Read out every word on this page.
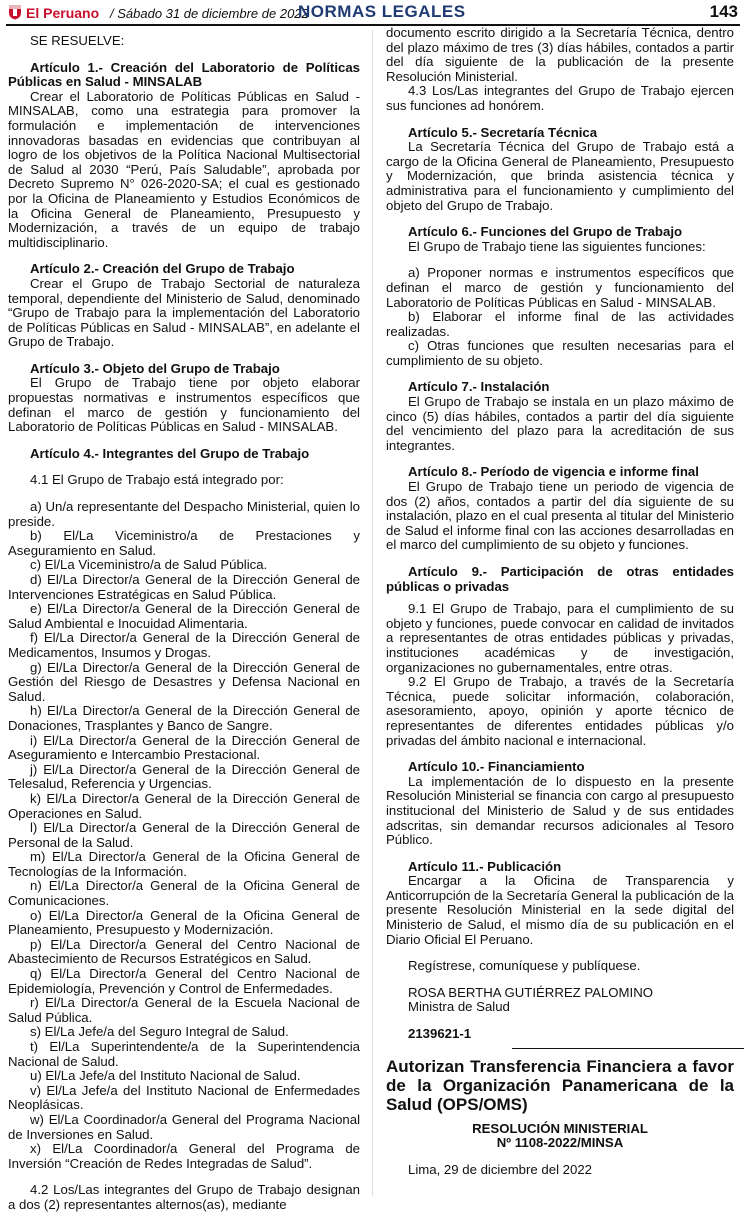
El Peruano / Sábado 31 de diciembre de 2022
NORMAS LEGALES	143

SE RESUELVE:

Artículo 1.- Creación del Laboratorio de Políticas Públicas en Salud - MINSALAB

Crear el Laboratorio de Políticas Públicas en Salud - MINSALAB, como una estrategia para promover la formulación e implementación de intervenciones innovadoras basadas en evidencias que contribuyan al logro de los objetivos de la Política Nacional Multisectorial de Salud al 2030 “Perú, País Saludable”, aprobada por Decreto Supremo N° 026-2020-SA; el cual es gestionado por la Oficina de Planeamiento y Estudios Económicos de la Oficina General de Planeamiento, Presupuesto y Modernización, a través de un equipo de trabajo multidisciplinario.

Artículo 2.- Creación del Grupo de Trabajo

Crear el Grupo de Trabajo Sectorial de naturaleza temporal, dependiente del Ministerio de Salud, denominado “Grupo de Trabajo para la implementación del Laboratorio de Políticas Públicas en Salud - MINSALAB”, en adelante el Grupo de Trabajo.

Artículo 3.- Objeto del Grupo de Trabajo

El Grupo de Trabajo tiene por objeto elaborar propuestas normativas e instrumentos específicos que definan el marco de gestión y funcionamiento del Laboratorio de Políticas Públicas en Salud - MINSALAB.

Artículo 4.- Integrantes del Grupo de Trabajo

4.1 El Grupo de Trabajo está integrado por:

a) Un/a representante del Despacho Ministerial, quien lo preside.

b) El/La Viceministro/a de Prestaciones y Aseguramiento en Salud.

c) El/La Viceministro/a de Salud Pública.

d) El/La Director/a General de la Dirección General de Intervenciones Estratégicas en Salud Pública.

e) El/La Director/a General de la Dirección General de Salud Ambiental e Inocuidad Alimentaria.

f) El/La Director/a General de la Dirección General de Medicamentos, Insumos y Drogas.

g) El/La Director/a General de la Dirección General de Gestión del Riesgo de Desastres y Defensa Nacional en Salud.

h) El/La Director/a General de la Dirección General de Donaciones, Trasplantes y Banco de Sangre.

i) El/La Director/a General de la Dirección General de Aseguramiento e Intercambio Prestacional.

j) El/La Director/a General de la Dirección General de Telesalud, Referencia y Urgencias.

k) El/La Director/a General de la Dirección General de Operaciones en Salud.

l) El/La Director/a General de la Dirección General de Personal de la Salud.

m) El/La Director/a General de la Oficina General de Tecnologías de la Información.

n) El/La Director/a General de la Oficina General de Comunicaciones.

o) El/La Director/a General de la Oficina General de Planeamiento, Presupuesto y Modernización.

p) El/La Director/a General del Centro Nacional de Abastecimiento de Recursos Estratégicos en Salud.

q) El/La Director/a General del Centro Nacional de Epidemiología, Prevención y Control de Enfermedades.

r) El/La Director/a General de la Escuela Nacional de Salud Pública.

s) El/La Jefe/a del Seguro Integral de Salud.

t) El/La Superintendente/a de la Superintendencia Nacional de Salud.

u) El/La Jefe/a del Instituto Nacional de Salud.

v) El/La Jefe/a del Instituto Nacional de Enfermedades Neoplásicas.

w) El/La Coordinador/a General del Programa Nacional de Inversiones en Salud.

x) El/La Coordinador/a General del Programa de Inversión “Creación de Redes Integradas de Salud”.

4.2 Los/Las integrantes del Grupo de Trabajo designan a dos (2) representantes alternos(as), mediante

documento escrito dirigido a la Secretaría Técnica, dentro del plazo máximo de tres (3) días hábiles, contados a partir del día siguiente de la publicación de la presente Resolución Ministerial.

4.3 Los/Las integrantes del Grupo de Trabajo ejercen sus funciones ad honórem.

Artículo 5.- Secretaría Técnica

La Secretaría Técnica del Grupo de Trabajo está a cargo de la Oficina General de Planeamiento, Presupuesto y Modernización, que brinda asistencia técnica y administrativa para el funcionamiento y cumplimiento del objeto del Grupo de Trabajo.

Artículo 6.- Funciones del Grupo de Trabajo

El Grupo de Trabajo tiene las siguientes funciones:

a) Proponer normas e instrumentos específicos que definan el marco de gestión y funcionamiento del Laboratorio de Políticas Públicas en Salud - MINSALAB.

b) Elaborar el informe final de las actividades realizadas.

c) Otras funciones que resulten necesarias para el cumplimiento de su objeto.

Artículo 7.- Instalación

El Grupo de Trabajo se instala en un plazo máximo de cinco (5) días hábiles, contados a partir del día siguiente del vencimiento del plazo para la acreditación de sus integrantes.

Artículo 8.- Período de vigencia e informe final

El Grupo de Trabajo tiene un periodo de vigencia de dos (2) años, contados a partir del día siguiente de su instalación, plazo en el cual presenta al titular del Ministerio de Salud el informe final con las acciones desarrolladas en el marco del cumplimiento de su objeto y funciones.

Artículo 9.- Participación de otras entidades públicas o privadas

9.1 El Grupo de Trabajo, para el cumplimiento de su objeto y funciones, puede convocar en calidad de invitados a representantes de otras entidades públicas y privadas, instituciones académicas y de investigación, organizaciones no gubernamentales, entre otras.

9.2 El Grupo de Trabajo, a través de la Secretaría Técnica, puede solicitar información, colaboración, asesoramiento, apoyo, opinión y aporte técnico de representantes de diferentes entidades públicas y/o privadas del ámbito nacional e internacional.

Artículo 10.- Financiamiento

La implementación de lo dispuesto en la presente Resolución Ministerial se financia con cargo al presupuesto institucional del Ministerio de Salud y de sus entidades adscritas, sin demandar recursos adicionales al Tesoro Público.

Artículo 11.- Publicación

Encargar a la Oficina de Transparencia y Anticorrupción de la Secretaría General la publicación de la presente Resolución Ministerial en la sede digital del Ministerio de Salud, el mismo día de su publicación en el Diario Oficial El Peruano.

Regístrese, comuníquese y publíquese.

ROSA BERTHA GUTIÉRREZ PALOMINO

Ministra de Salud

2139621-1

Autorizan Transferencia Financiera a favor de la Organización Panamericana de la Salud (OPS/OMS)

RESOLUCIÓN MINISTERIAL

Nº 1108-2022/MINSA

Lima, 29 de diciembre del 2022
